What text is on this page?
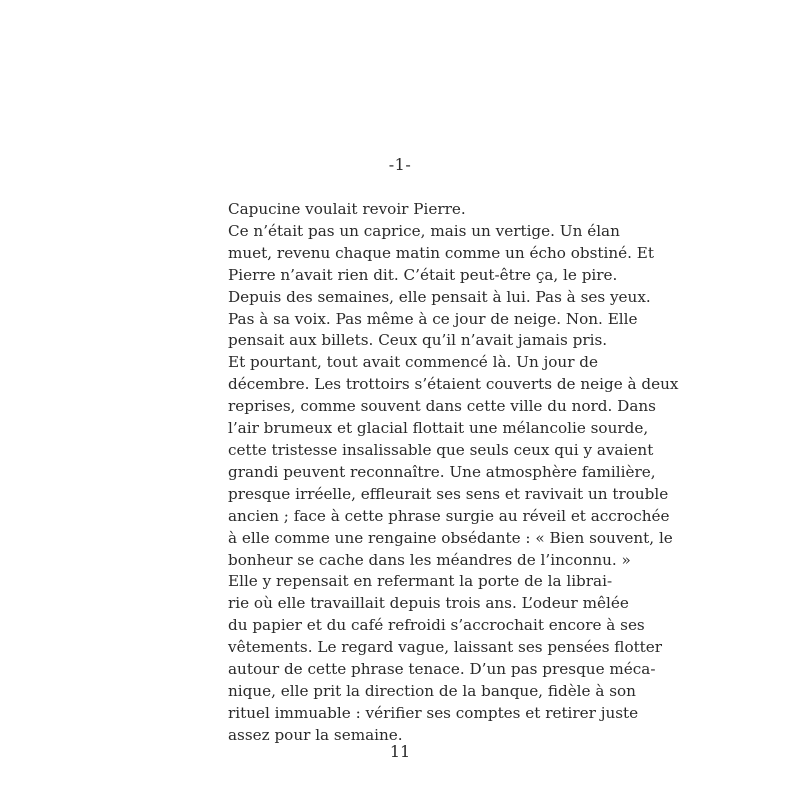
-1-

Capucine voulait revoir Pierre.

Ce n’était pas un caprice, mais un vertige. Un élan
muet, revenu chaque matin comme un écho obstiné. Et
Pierre n’avait rien dit. C’était peut-être ça, le pire.

Depuis des semaines, elle pensait à lui. Pas à ses yeux.
Pas à sa voix. Pas même à ce jour de neige. Non. Elle
pensait aux billets. Ceux qu’il n’avait jamais pris.

Et pourtant, tout avait commencé là. Un jour de
décembre. Les trottoirs s’étaient couverts de neige à deux
reprises, comme souvent dans cette ville du nord. Dans
l’air brumeux et glacial flottait une mélancolie sourde,
cette tristesse insalissable que seuls ceux qui y avaient
grandi peuvent reconnaître. Une atmosphère familière,
presque irréelle, effleurait ses sens et ravivait un trouble
ancien ; face à cette phrase surgie au réveil et accrochée
à elle comme une rengaine obsédante : « Bien souvent, le
bonheur se cache dans les méandres de l’inconnu. »

Elle y repensait en refermant la porte de la librai-
rie où elle travaillait depuis trois ans. L’odeur mêlée
du papier et du café refroidi s’accrochait encore à ses
vêtements. Le regard vague, laissant ses pensées flotter
autour de cette phrase tenace. D’un pas presque méca-
nique, elle prit la direction de la banque, fidèle à son
rituel immuable : vérifier ses comptes et retirer juste
assez pour la semaine.

11
